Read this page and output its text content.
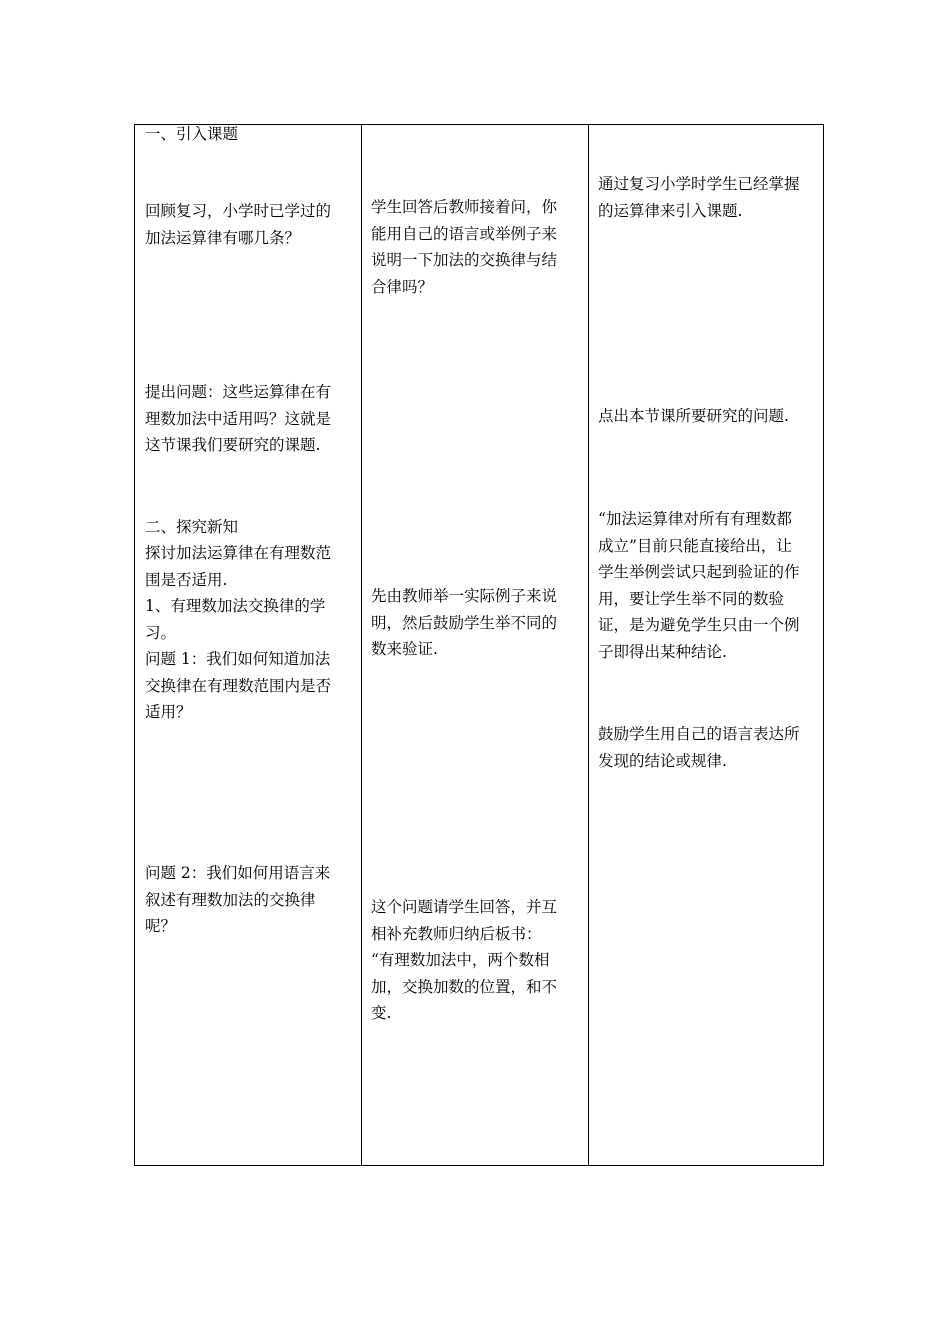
一、引入课题
回顾复习，小学时已学过的
加法运算律有哪几条？
提出问题：这些运算律在有
理数加法中适用吗？这就是
这节课我们要研究的课题.
二、探究新知
探讨加法运算律在有理数范
围是否适用.
1、有理数加法交换律的学
习。
问题 1：我们如何知道加法
交换律在有理数范围内是否
适用？
问题 2：我们如何用语言来
叙述有理数加法的交换律
呢？
学生回答后教师接着问，你
能用自己的语言或举例子来
说明一下加法的交换律与结
合律吗？
先由教师举一实际例子来说
明，然后鼓励学生举不同的
数来验证.
这个问题请学生回答，并互
相补充教师归纳后板书：
“有理数加法中，两个数相
加，交换加数的位置，和不
变.
通过复习小学时学生已经掌握
的运算律来引入课题.
点出本节课所要研究的问题.
“加法运算律对所有有理数都
成立”目前只能直接给出，让
学生举例尝试只起到验证的作
用，要让学生举不同的数验
证，是为避免学生只由一个例
子即得出某种结论.
鼓励学生用自己的语言表达所
发现的结论或规律.
